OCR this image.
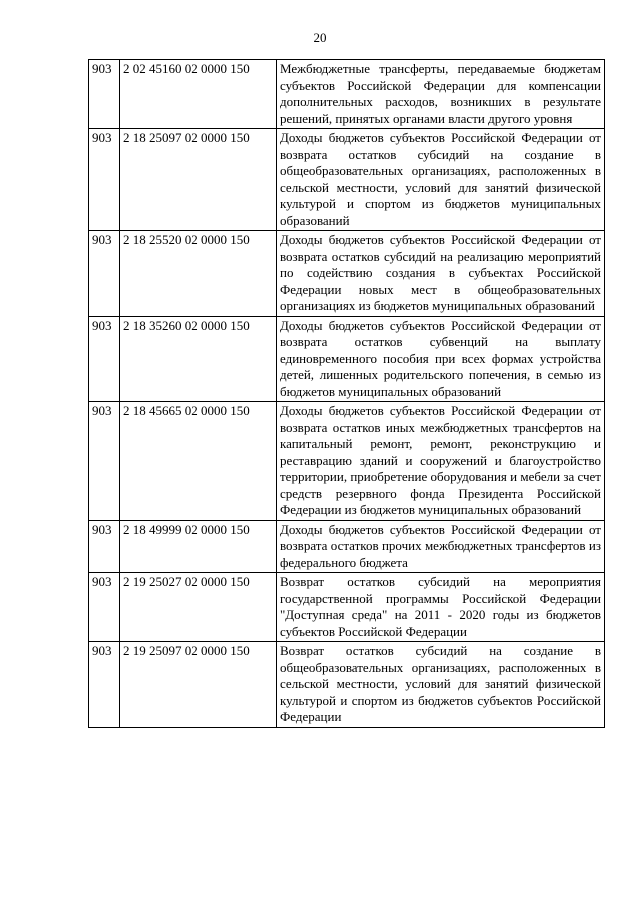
20
903	2 02 45160 02 0000 150	Межбюджетные трансферты, передаваемые бюджетам субъектов Российской Федерации для компенсации дополнительных расходов, возникших в результате решений, принятых органами власти другого уровня
903	2 18 25097 02 0000 150	Доходы бюджетов субъектов Российской Федерации от возврата остатков субсидий на создание в общеобразовательных организациях, расположенных в сельской местности, условий для занятий физической культурой и спортом из бюджетов муниципальных образований
903	2 18 25520 02 0000 150	Доходы бюджетов субъектов Российской Федерации от возврата остатков субсидий на реализацию мероприятий по содействию создания в субъектах Российской Федерации новых мест в общеобразовательных организациях из бюджетов муниципальных образований
903	2 18 35260 02 0000 150	Доходы бюджетов субъектов Российской Федерации от возврата остатков субвенций на выплату единовременного пособия при всех формах устройства детей, лишенных родительского попечения, в семью из бюджетов муниципальных образований
903	2 18 45665 02 0000 150	Доходы бюджетов субъектов Российской Федерации от возврата остатков иных межбюджетных трансфертов на капитальный ремонт, ремонт, реконструкцию и реставрацию зданий и сооружений и благоустройство территории, приобретение оборудования и мебели за счет средств резервного фонда Президента Российской Федерации из бюджетов муниципальных образований
903	2 18 49999 02 0000 150	Доходы бюджетов субъектов Российской Федерации от возврата остатков прочих межбюджетных трансфертов из федерального бюджета
903	2 19 25027 02 0000 150	Возврат остатков субсидий на мероприятия государственной программы Российской Федерации "Доступная среда" на 2011 - 2020 годы из бюджетов субъектов Российской Федерации
903	2 19 25097 02 0000 150	Возврат остатков субсидий на создание в общеобразовательных организациях, расположенных в сельской местности, условий для занятий физической культурой и спортом из бюджетов субъектов Российской Федерации
